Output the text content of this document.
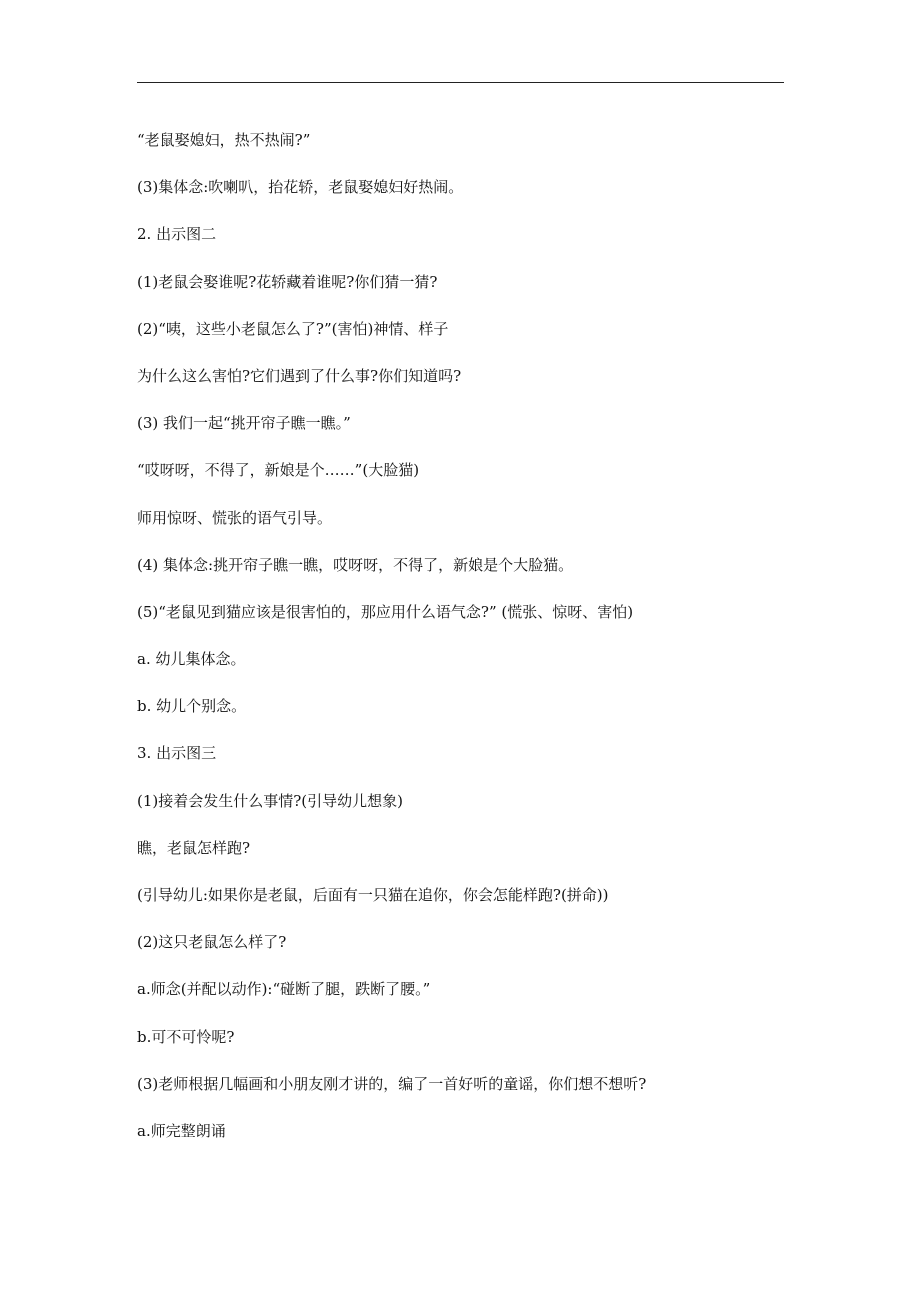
“老鼠娶媳妇，热不热闹?”
(3)集体念:吹喇叭，抬花轿，老鼠娶媳妇好热闹。
2. 出示图二
(1)老鼠会娶谁呢?花轿藏着谁呢?你们猜一猜?
(2)“咦，这些小老鼠怎么了?”(害怕)神情、样子
为什么这么害怕?它们遇到了什么事?你们知道吗?
(3) 我们一起“挑开帘子瞧一瞧。”
“哎呀呀，不得了，新娘是个……”(大脸猫)
师用惊呀、慌张的语气引导。
(4) 集体念:挑开帘子瞧一瞧，哎呀呀，不得了，新娘是个大脸猫。
(5)“老鼠见到猫应该是很害怕的，那应用什么语气念?” (慌张、惊呀、害怕)
a. 幼儿集体念。
b. 幼儿个别念。
3. 出示图三
(1)接着会发生什么事情?(引导幼儿想象)
瞧，老鼠怎样跑?
(引导幼儿:如果你是老鼠，后面有一只猫在追你，你会怎能样跑?(拼命))
(2)这只老鼠怎么样了?
a.师念(并配以动作):“碰断了腿，跌断了腰。”
b.可不可怜呢?
(3)老师根据几幅画和小朋友刚才讲的，编了一首好听的童谣，你们想不想听?
a.师完整朗诵
